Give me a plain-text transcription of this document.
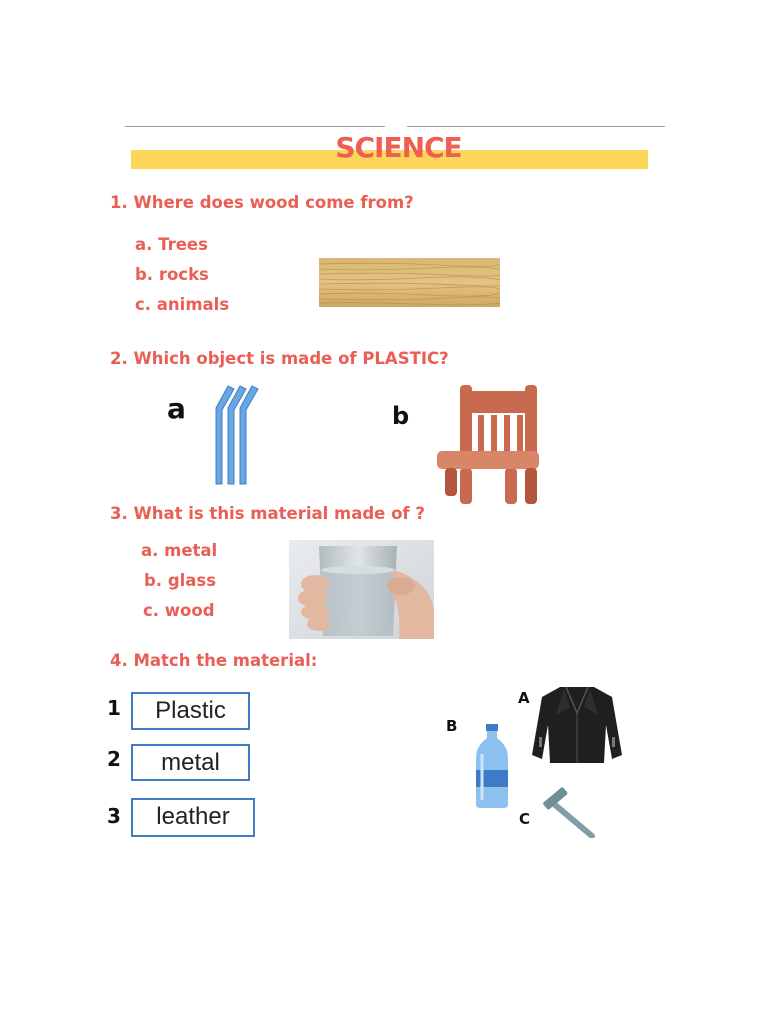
SCIENCE
1. Where does wood come from?
a. Trees
b. rocks
c. animals
2. Which object is made of PLASTIC?
a	b
3. What is this material made of ?
a. metal
b. glass
c. wood
4. Match the material:
1	Plastic
2	metal
3	leather
A
B
C
